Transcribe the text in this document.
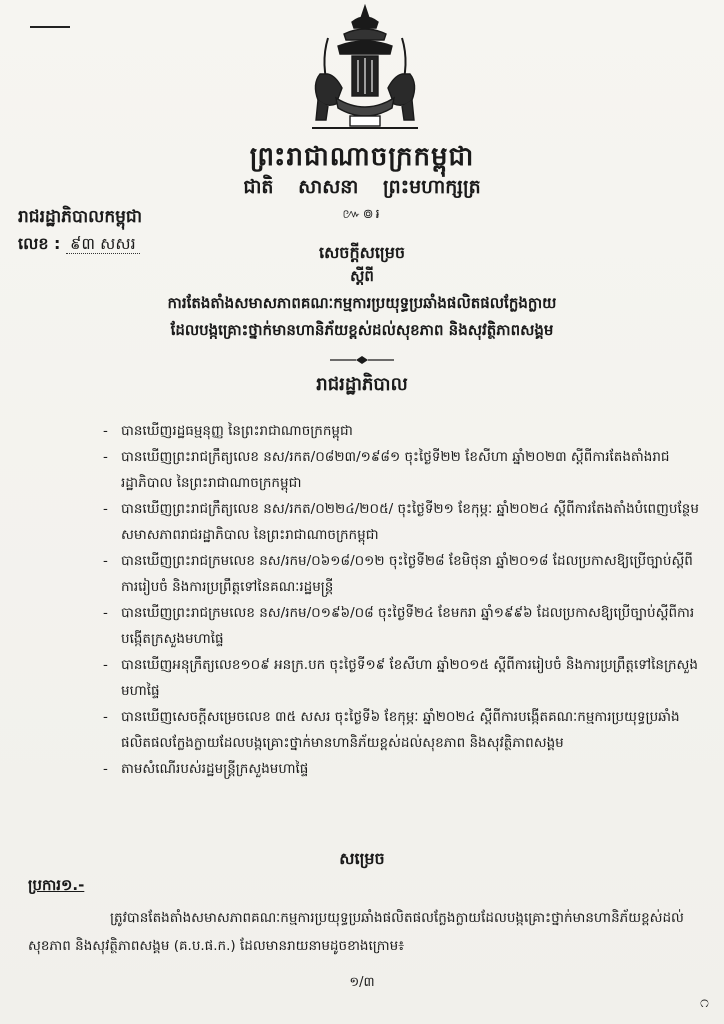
ព្រះរាជាណាចក្រកម្ពុជា
ជាតិ សាសនា ព្រះមហាក្សត្រ
៚៙៛
រាជរដ្ឋាភិបាលកម្ពុជា
លេខ : ៩៣ សសរ	សេចក្តីសម្រេច
ស្តីពី
ការតែងតាំងសមាសភាពគណៈកម្មការប្រយុទ្ធប្រឆាំងផលិតផលក្លែងក្លាយ
ដែលបង្កគ្រោះថ្នាក់មានហានិភ័យខ្ពស់ដល់សុខភាព និងសុវត្ថិភាពសង្គម
រាជរដ្ឋាភិបាល
- បានឃើញរដ្ឋធម្មនុញ្ញ នៃព្រះរាជាណាចក្រកម្ពុជា
- បានឃើញព្រះរាជក្រឹត្យលេខ នស/រកត/០៨២៣/១៩៨១ ចុះថ្ងៃទី២២ ខែសីហា ឆ្នាំ២០២៣ ស្តីពីការតែងតាំងរាជរដ្ឋាភិបាល នៃព្រះរាជាណាចក្រកម្ពុជា
- បានឃើញព្រះរាជក្រឹត្យលេខ នស/រកត/០២២៤/២០៥/ ចុះថ្ងៃទី២១ ខែកុម្ភៈ ឆ្នាំ២០២៤ ស្តីពីការតែងតាំងបំពេញបន្ថែមសមាសភាពរាជរដ្ឋាភិបាល នៃព្រះរាជាណាចក្រកម្ពុជា
- បានឃើញព្រះរាជក្រមលេខ នស/រកម/០៦១៨/០១២ ចុះថ្ងៃទី២៨ ខែមិថុនា ឆ្នាំ២០១៨ ដែលប្រកាសឱ្យប្រើច្បាប់ស្តីពីការរៀបចំ និងការប្រព្រឹត្តទៅនៃគណៈរដ្ឋមន្ត្រី
- បានឃើញព្រះរាជក្រមលេខ នស/រកម/០១៩៦/០៨ ចុះថ្ងៃទី២៤ ខែមករា ឆ្នាំ១៩៩៦ ដែលប្រកាសឱ្យប្រើច្បាប់ស្តីពីការបង្កើតក្រសួងមហាផ្ទៃ
- បានឃើញអនុក្រឹត្យលេខ១០៩ អនក្រ.បក ចុះថ្ងៃទី១៩ ខែសីហា ឆ្នាំ២០១៥ ស្តីពីការរៀបចំ និងការប្រព្រឹត្តទៅនៃក្រសួងមហាផ្ទៃ
- បានឃើញសេចក្តីសម្រេចលេខ ៣៥ សសរ ចុះថ្ងៃទី៦ ខែកុម្ភៈ ឆ្នាំ២០២៤ ស្តីពីការបង្កើតគណៈកម្មការប្រយុទ្ធប្រឆាំងផលិតផលក្លែងក្លាយដែលបង្កគ្រោះថ្នាក់មានហានិភ័យខ្ពស់ដល់សុខភាព និងសុវត្ថិភាពសង្គម
- តាមសំណើរបស់រដ្ឋមន្ត្រីក្រសួងមហាផ្ទៃ
សម្រេច
ប្រការ១.-
ត្រូវបានតែងតាំងសមាសភាពគណៈកម្មការប្រយុទ្ធប្រឆាំងផលិតផលក្លែងក្លាយដែលបង្កគ្រោះថ្នាក់មានហានិភ័យខ្ពស់ដល់សុខភាព និងសុវត្ថិភាពសង្គម (គ.ប.ផ.ក.) ដែលមានរាយនាមដូចខាងក្រោម៖
១/៣
೧
